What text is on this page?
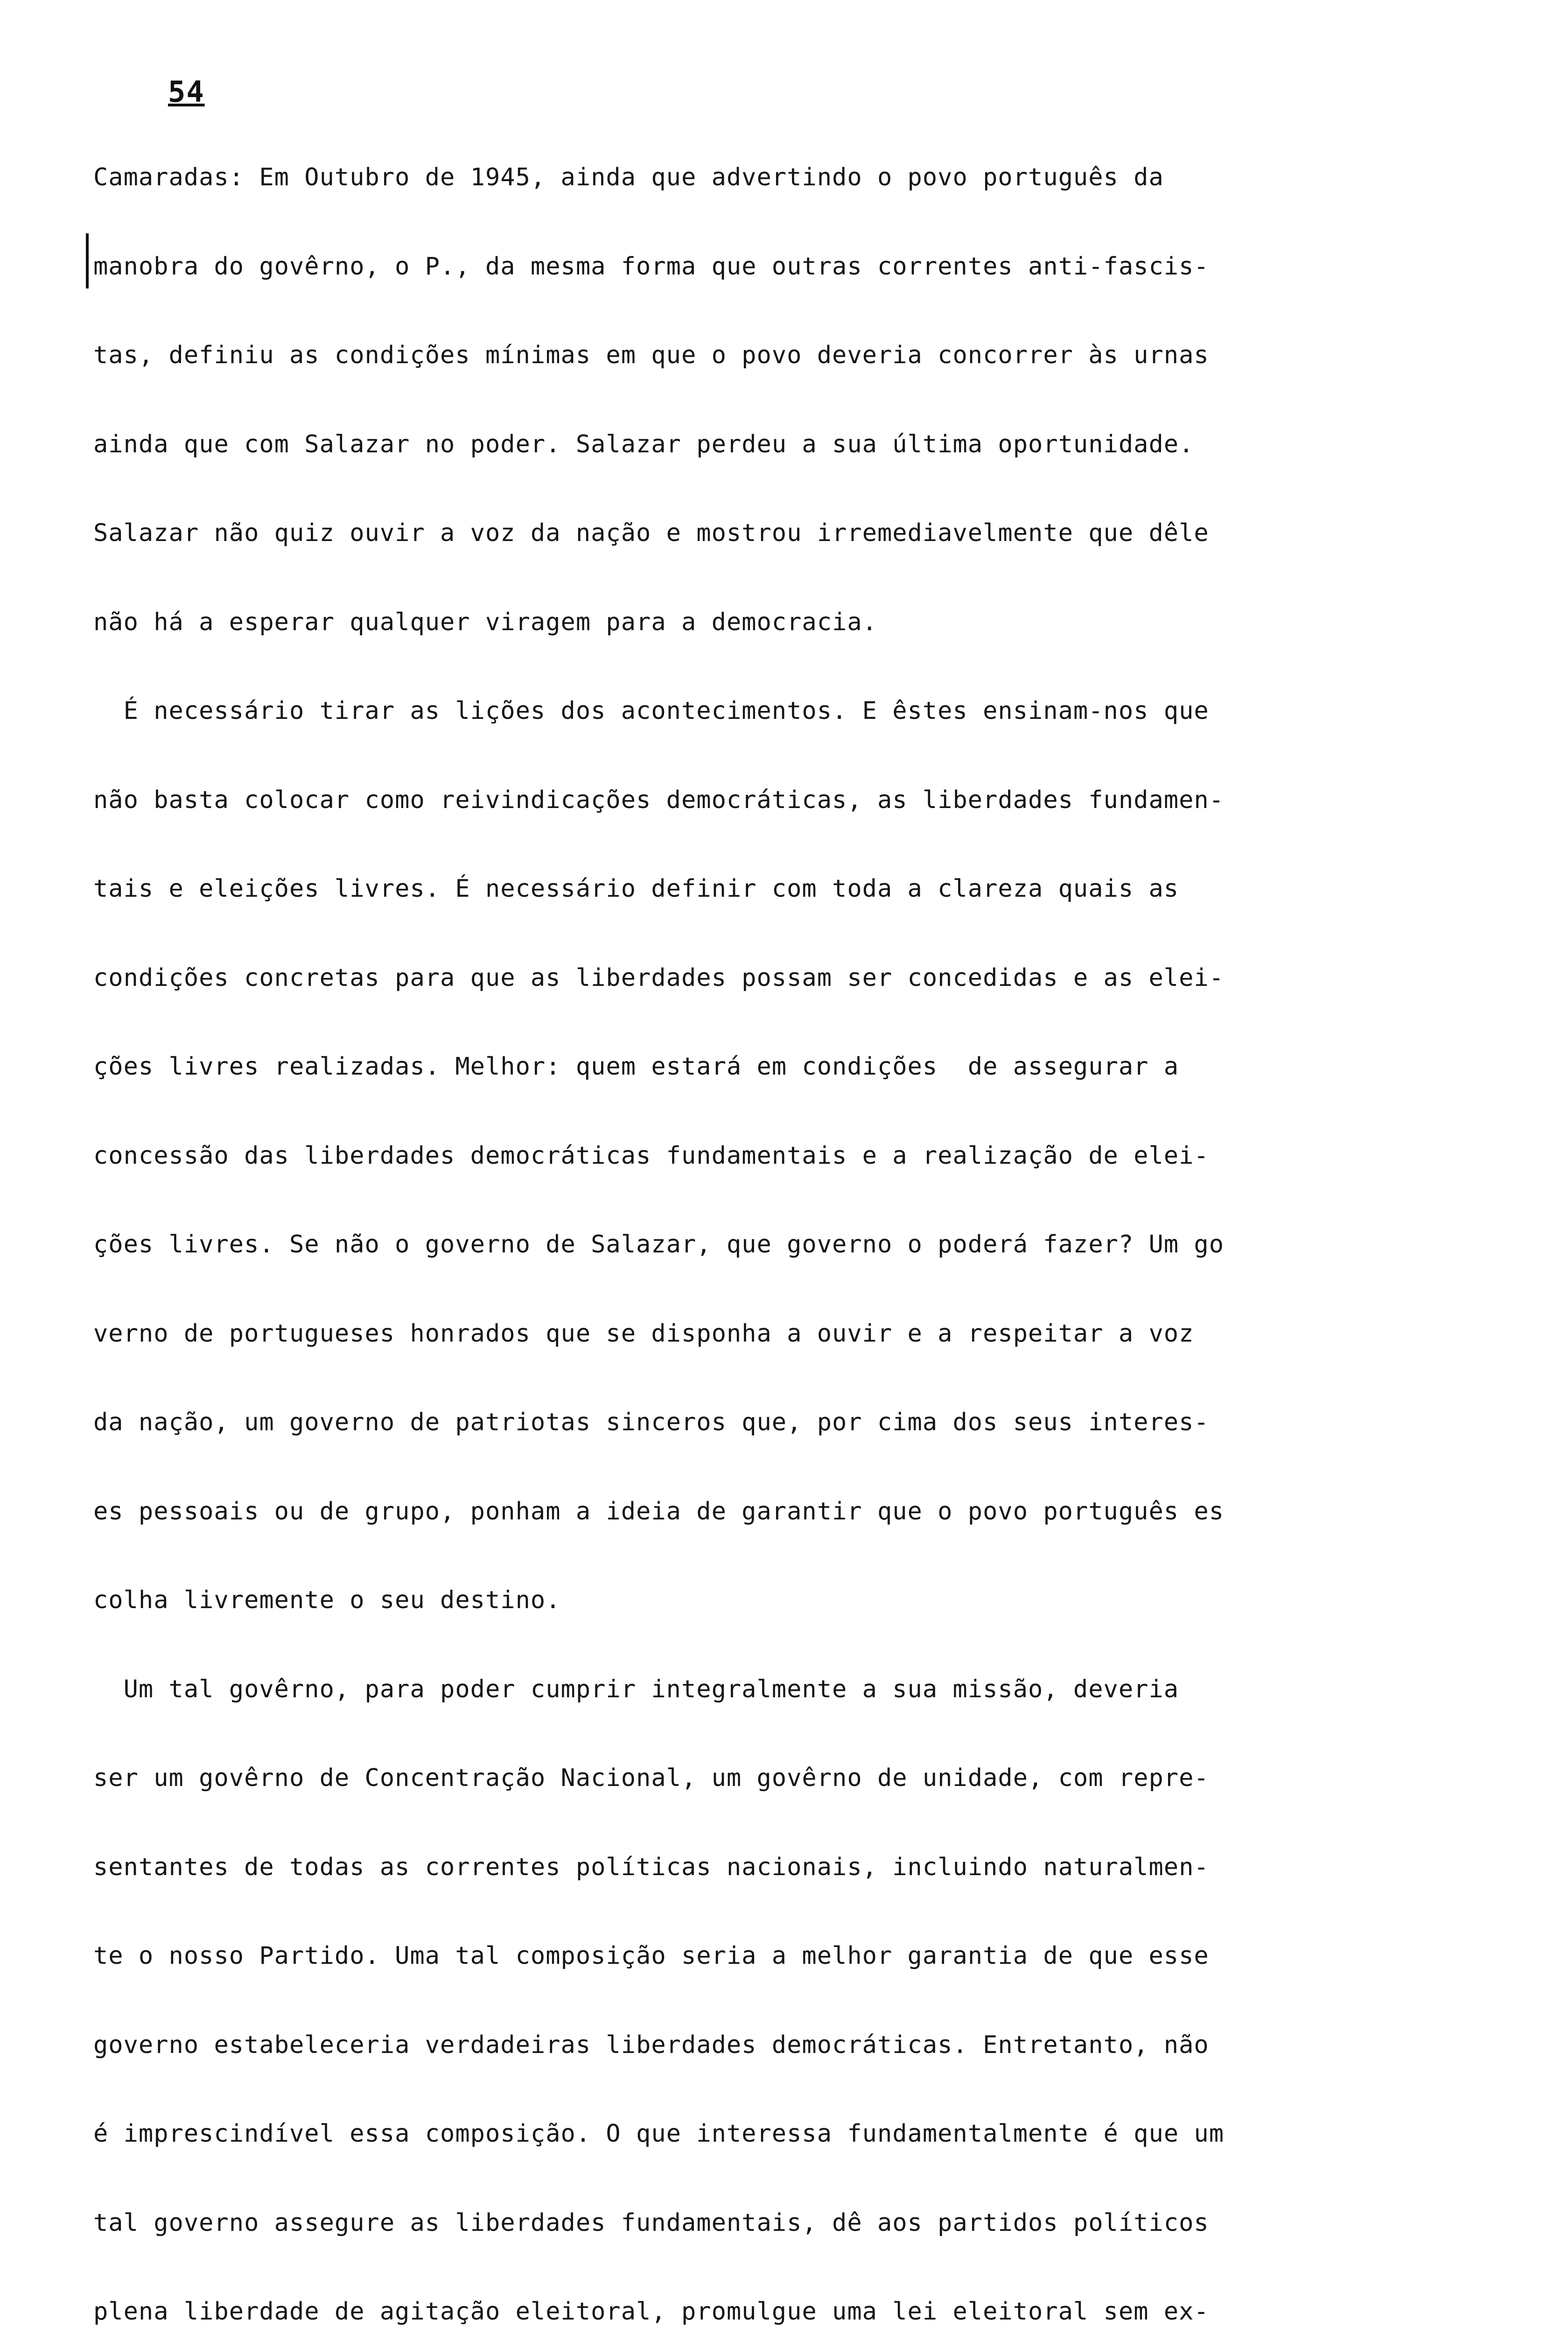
54

Camaradas: Em Outubro de 1945, ainda que advertindo o povo português da

manobra do govêrno, o P., da mesma forma que outras correntes anti-fascis-

tas, definiu as condições mínimas em que o povo deveria concorrer às urnas

ainda que com Salazar no poder. Salazar perdeu a sua última oportunidade.

Salazar não quiz ouvir a voz da nação e mostrou irremediavelmente que dêle

não há a esperar qualquer viragem para a democracia.

É necessário tirar as lições dos acontecimentos. E êstes ensinam-nos que

não basta colocar como reivindicações democráticas, as liberdades fundamen-

tais e eleições livres. É necessário definir com toda a clareza quais as

condições concretas para que as liberdades possam ser concedidas e as elei-

ções livres realizadas. Melhor: quem estará em condições  de assegurar a

concessão das liberdades democráticas fundamentais e a realização de elei-

ções livres. Se não o governo de Salazar, que governo o poderá fazer? Um go

verno de portugueses honrados que se disponha a ouvir e a respeitar a voz

da nação, um governo de patriotas sinceros que, por cima dos seus interes-

es pessoais ou de grupo, ponham a ideia de garantir que o povo português es

colha livremente o seu destino.

Um tal govêrno, para poder cumprir integralmente a sua missão, deveria

ser um govêrno de Concentração Nacional, um govêrno de unidade, com repre-

sentantes de todas as correntes políticas nacionais, incluindo naturalmen-

te o nosso Partido. Uma tal composição seria a melhor garantia de que esse

governo estabeleceria verdadeiras liberdades democráticas. Entretanto, não

é imprescindível essa composição. O que interessa fundamentalmente é que um

tal governo assegure as liberdades fundamentais, dê aos partidos políticos

plena liberdade de agitação eleitoral, promulgue uma lei eleitoral sem ex-
